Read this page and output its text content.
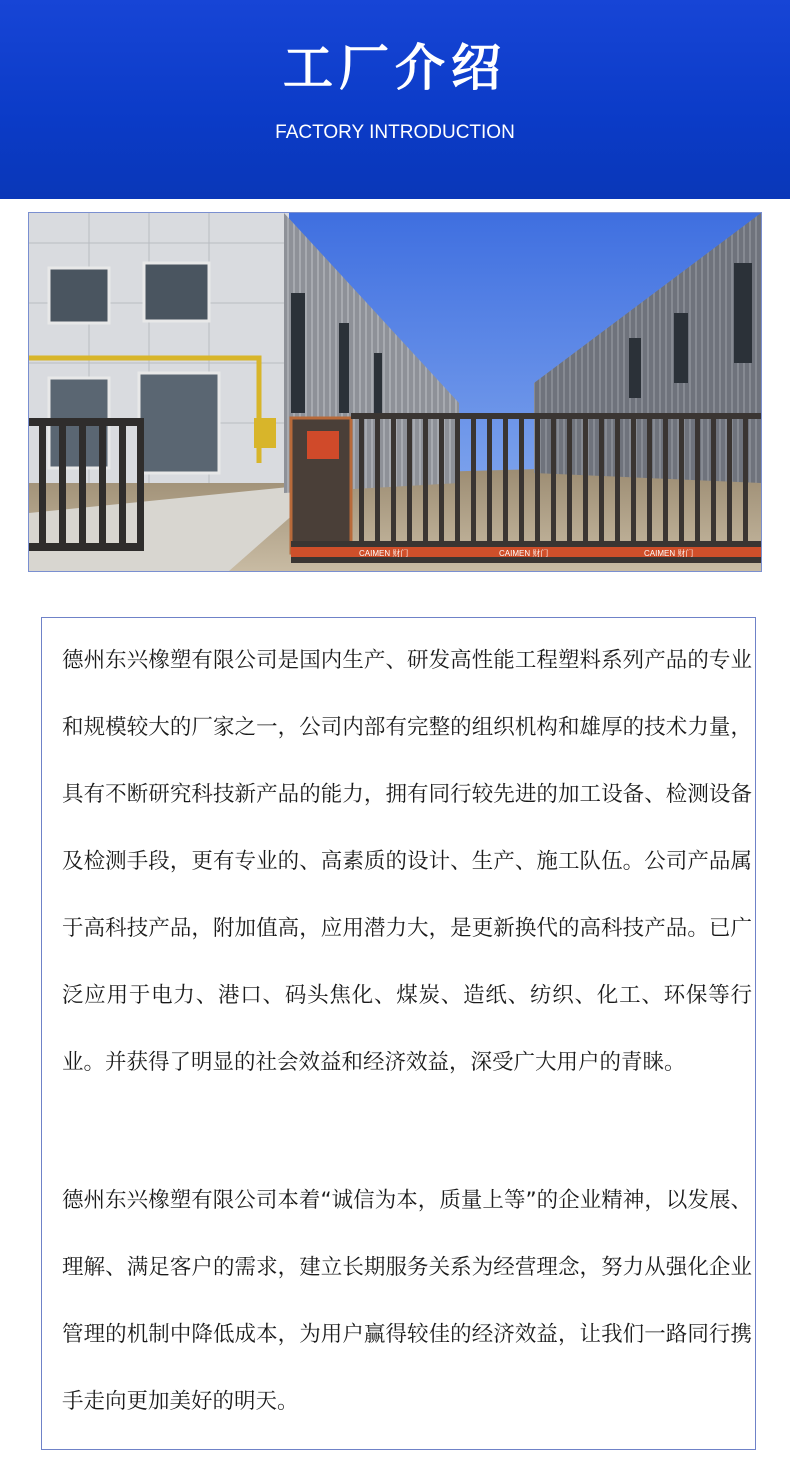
工厂介绍
FACTORY INTRODUCTION
CAIMEN 财门	CAIMEN 财门	CAIMEN 财门

德州东兴橡塑有限公司是国内生产、研发高性能工程塑料系列产品的专业和规模较大的厂家之一，公司内部有完整的组织机构和雄厚的技术力量，具有不断研究科技新产品的能力，拥有同行较先进的加工设备、检测设备及检测手段，更有专业的、高素质的设计、生产、施工队伍。公司产品属于高科技产品，附加值高，应用潜力大，是更新换代的高科技产品。已广泛应用于电力、港口、码头焦化、煤炭、造纸、纺织、化工、环保等行业。并获得了明显的社会效益和经济效益，深受广大用户的青睐。

德州东兴橡塑有限公司本着“诚信为本，质量上等”的企业精神，以发展、理解、满足客户的需求，建立长期服务关系为经营理念，努力从强化企业管理的机制中降低成本，为用户赢得较佳的经济效益，让我们一路同行携手走向更加美好的明天。
